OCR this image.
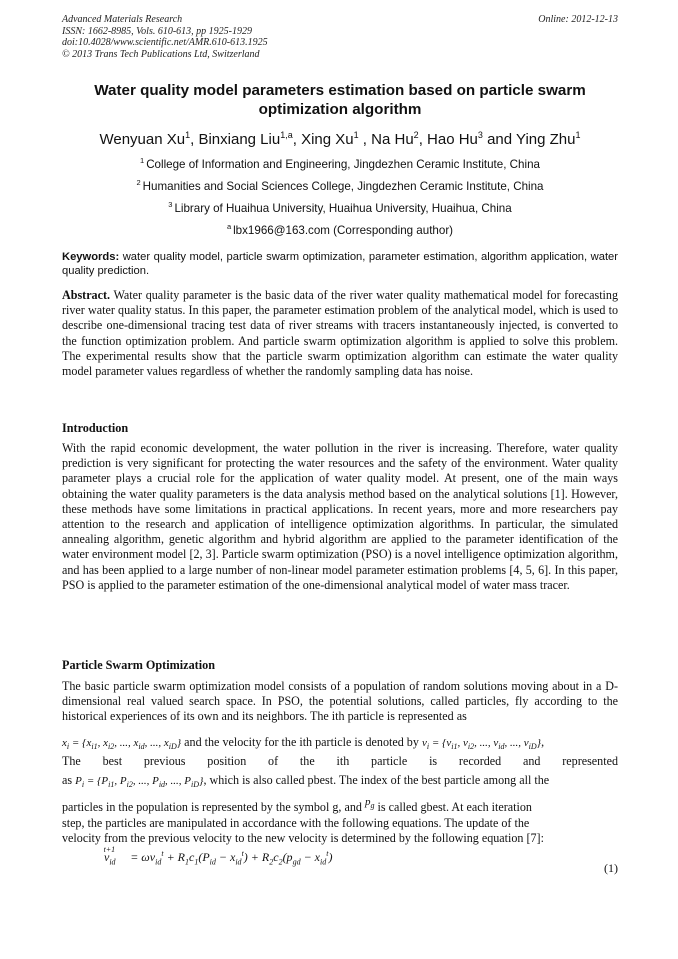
Advanced Materials Research
ISSN: 1662-8985, Vols. 610-613, pp 1925-1929
doi:10.4028/www.scientific.net/AMR.610-613.1925
© 2013 Trans Tech Publications Ltd, Switzerland
Online: 2012-12-13
Water quality model parameters estimation based on particle swarm optimization algorithm
Wenyuan Xu$^1$, Binxiang Liu$^{1,a}$, Xing Xu$^1$ , Na Hu$^2$, Hao Hu$^3$ and Ying Zhu$^1$
$^1$ College of Information and Engineering, Jingdezhen Ceramic Institute, China
$^2$ Humanities and Social Sciences College, Jingdezhen Ceramic Institute, China
$^3$ Library of Huaihua University, Huaihua University, Huaihua, China
$^a$ lbx1966@163.com (Corresponding author)
Keywords: water quality model, particle swarm optimization, parameter estimation, algorithm application, water quality prediction.
Abstract. Water quality parameter is the basic data of the river water quality mathematical model for forecasting river water quality status. In this paper, the parameter estimation problem of the analytical model, which is used to describe one-dimensional tracing test data of river streams with tracers instantaneously injected, is converted to the function optimization problem. And particle swarm optimization algorithm is applied to solve this problem. The experimental results show that the particle swarm optimization algorithm can estimate the water quality model parameter values regardless of whether the randomly sampling data has noise.
Introduction
With the rapid economic development, the water pollution in the river is increasing. Therefore, water quality prediction is very significant for protecting the water resources and the safety of the environment. Water quality parameter plays a crucial role for the application of water quality model. At present, one of the main ways obtaining the water quality parameters is the data analysis method based on the analytical solutions [1]. However, these methods have some limitations in practical applications. In recent years, more and more researchers pay attention to the research and application of intelligence optimization algorithms. In particular, the simulated annealing algorithm, genetic algorithm and hybrid algorithm are applied to the parameter identification of the water environment model [2, 3]. Particle swarm optimization (PSO) is a novel intelligence optimization algorithm, and has been applied to a large number of non-linear model parameter estimation problems [4, 5, 6]. In this paper, PSO is applied to the parameter estimation of the one-dimensional analytical model of water mass tracer.
Particle Swarm Optimization
The basic particle swarm optimization model consists of a population of random solutions moving about in a D-dimensional real valued search space. In PSO, the potential solutions, called particles, fly according to the historical experiences of its own and its neighbors. The ith particle is represented as
$x_i = \{x_{i1}$, $x_{i2}$, ..., $x_{id}$, ..., $x_{iD}$} and the velocity for the ith particle is denoted by $v_i = \{v_{i1}$, $v_{i2}$, ..., $v_{id}$, ..., $v_{iD}$},
The best previous position of the ith particle is recorded and represented
as $P_i = \{P_{i1}$, $P_{i2}$, ..., $P_{id}$, ..., $P_{iD}$}, which is also called pbest. The index of the best particle among all the
particles in the population is represented by the symbol g, and $p_g$ is called gbest. At each iteration
step, the particles are manipulated in accordance with the following equations. The update of the
velocity from the previous velocity to the new velocity is determined by the following equation [7]:
$v_{id}^{t+1} = \omega v_{id}^t + R_1c_1(P_{id} - x_{id}^t) + R_2c_2(p_{gd} - x_{id}^t)$
(1)
